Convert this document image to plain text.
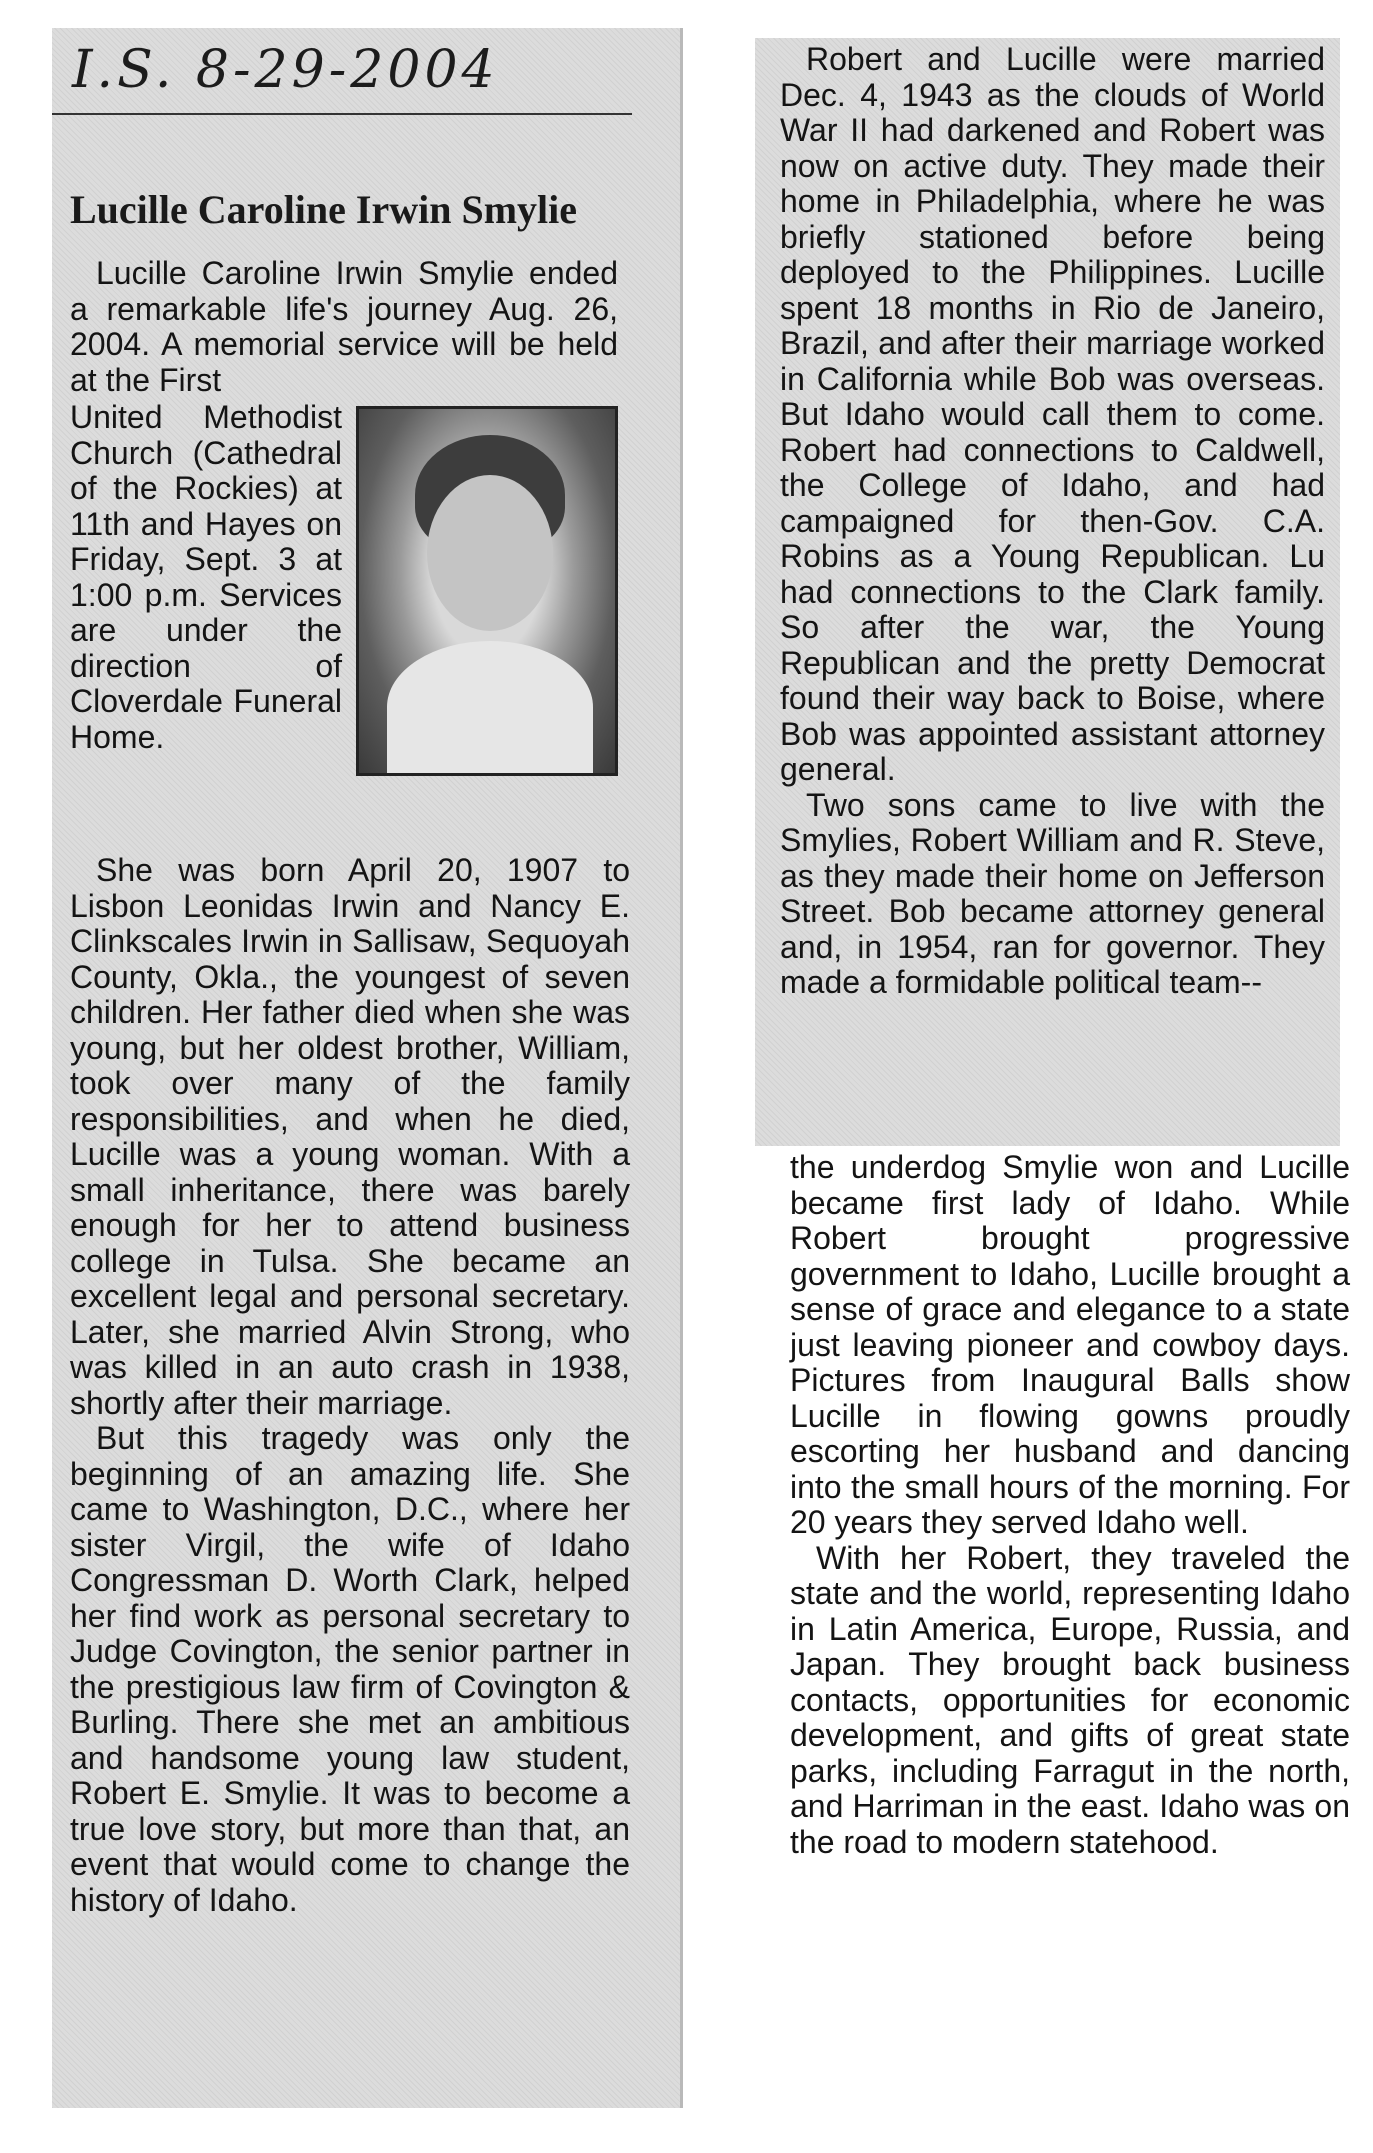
I.S. 8-29-2004
Lucille Caroline Irwin Smylie

Lucille Caroline Irwin Smylie ended a remarkable life's journey Aug. 26, 2004. A memorial service will be held at the First

United Methodist Church (Cathedral of the Rockies) at 11th and Hayes on Friday, Sept. 3 at 1:00 p.m. Services are under the direction of Cloverdale Funeral Home.

She was born April 20, 1907 to Lisbon Leonidas Irwin and Nancy E. Clinkscales Irwin in Sallisaw, Sequoyah County, Okla., the youngest of seven children. Her father died when she was young, but her oldest brother, William, took over many of the family responsibilities, and when he died, Lucille was a young woman. With a small inheritance, there was barely enough for her to attend business college in Tulsa. She became an excellent legal and personal secretary. Later, she married Alvin Strong, who was killed in an auto crash in 1938, shortly after their marriage.

But this tragedy was only the beginning of an amazing life. She came to Washington, D.C., where her sister Virgil, the wife of Idaho Congressman D. Worth Clark, helped her find work as personal secretary to Judge Covington, the senior partner in the prestigious law firm of Covington & Burling. There she met an ambitious and handsome young law student, Robert E. Smylie. It was to become a true love story, but more than that, an event that would come to change the history of Idaho.

Robert and Lucille were married Dec. 4, 1943 as the clouds of World War II had darkened and Robert was now on active duty. They made their home in Philadelphia, where he was briefly stationed before being deployed to the Philippines. Lucille spent 18 months in Rio de Janeiro, Brazil, and after their marriage worked in California while Bob was overseas. But Idaho would call them to come. Robert had connections to Caldwell, the College of Idaho, and had campaigned for then-Gov. C.A. Robins as a Young Republican. Lu had connections to the Clark family. So after the war, the Young Republican and the pretty Democrat found their way back to Boise, where Bob was appointed assistant attorney general.

Two sons came to live with the Smylies, Robert William and R. Steve, as they made their home on Jefferson Street. Bob became attorney general and, in 1954, ran for governor. They made a formidable political team--

the underdog Smylie won and Lucille became first lady of Idaho. While Robert brought progressive government to Idaho, Lucille brought a sense of grace and elegance to a state just leaving pioneer and cowboy days. Pictures from Inaugural Balls show Lucille in flowing gowns proudly escorting her husband and dancing into the small hours of the morning. For 20 years they served Idaho well.

With her Robert, they traveled the state and the world, representing Idaho in Latin America, Europe, Russia, and Japan. They brought back business contacts, opportunities for economic development, and gifts of great state parks, including Farragut in the north, and Harriman in the east. Idaho was on the road to modern statehood.
